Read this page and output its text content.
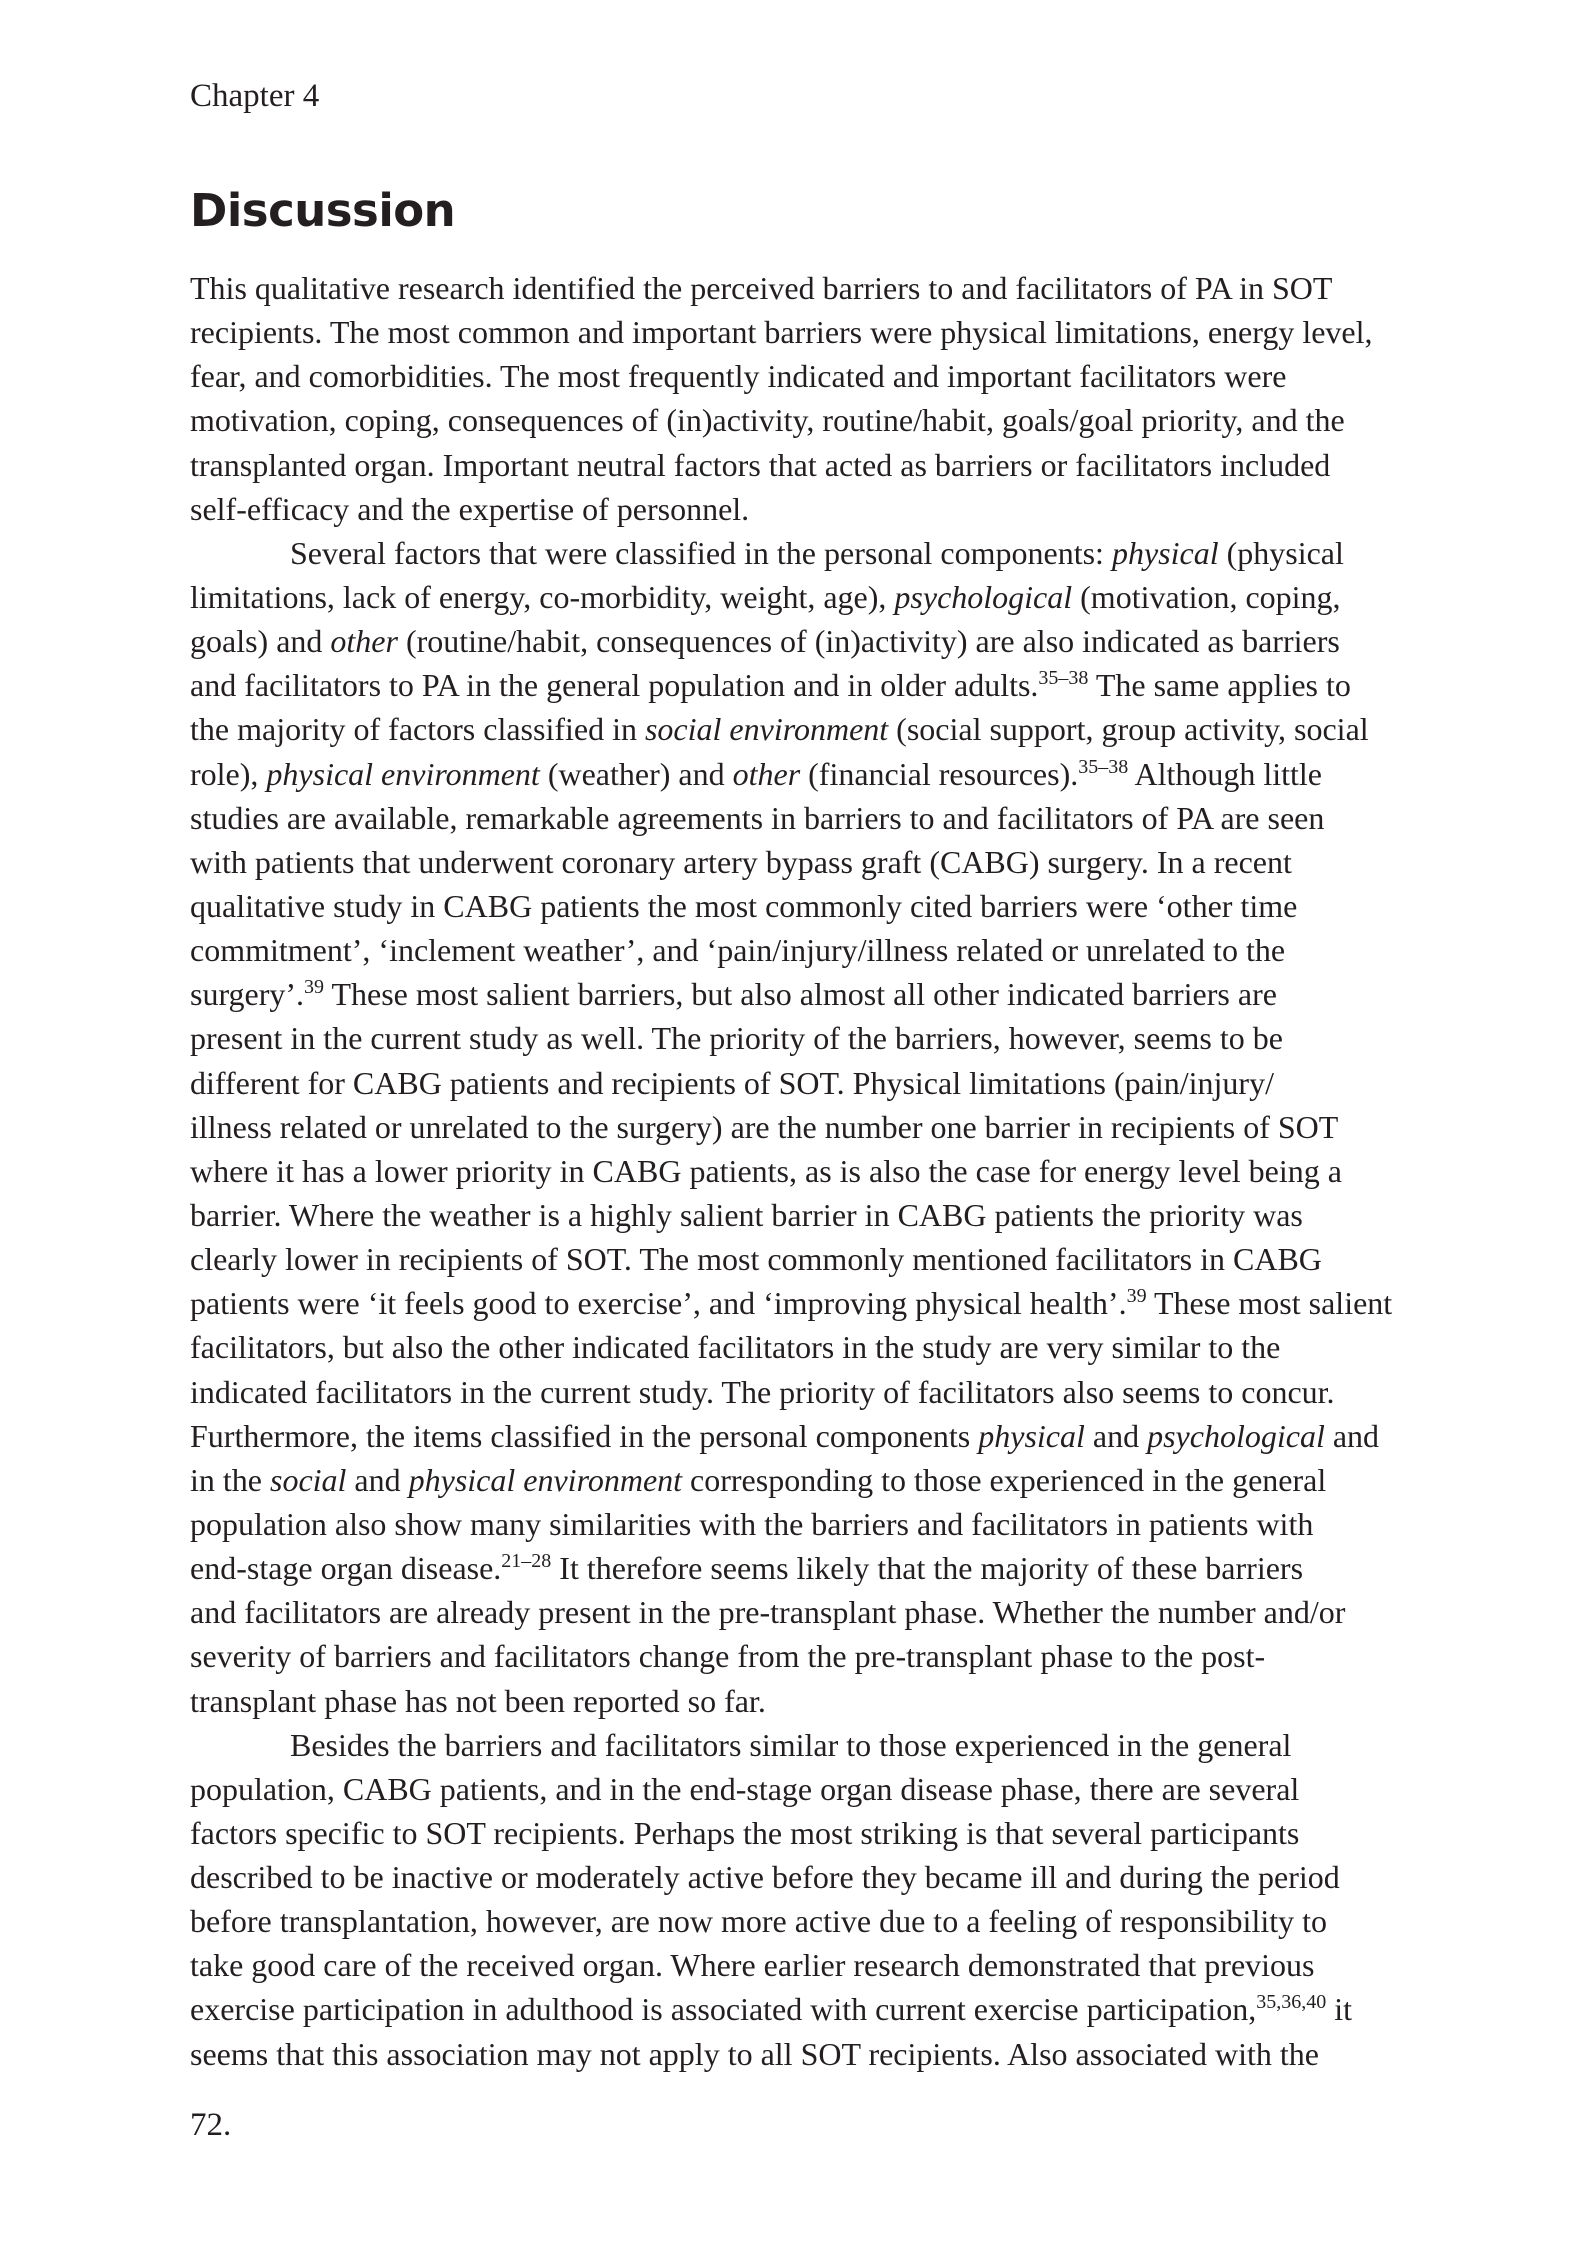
Chapter 4
Discussion
This qualitative research identified the perceived barriers to and facilitators of PA in SOT
recipients. The most common and important barriers were physical limitations, energy level,
fear, and comorbidities. The most frequently indicated and important facilitators were
motivation, coping, consequences of (in)activity, routine/habit, goals/goal priority, and the
transplanted organ. Important neutral factors that acted as barriers or facilitators included
self-efficacy and the expertise of personnel.
Several factors that were classified in the personal components: physical (physical
limitations, lack of energy, co-morbidity, weight, age), psychological (motivation, coping,
goals) and other (routine/habit, consequences of (in)activity) are also indicated as barriers
and facilitators to PA in the general population and in older adults.$^{35-38}$ The same applies to
the majority of factors classified in social environment (social support, group activity, social
role), physical environment (weather) and other (financial resources).$^{35-38}$ Although little
studies are available, remarkable agreements in barriers to and facilitators of PA are seen
with patients that underwent coronary artery bypass graft (CABG) surgery. In a recent
qualitative study in CABG patients the most commonly cited barriers were ‘other time
commitment’, ‘inclement weather’, and ‘pain/injury/illness related or unrelated to the
surgery’.$^{39}$ These most salient barriers, but also almost all other indicated barriers are
present in the current study as well. The priority of the barriers, however, seems to be
different for CABG patients and recipients of SOT. Physical limitations (pain/injury/
illness related or unrelated to the surgery) are the number one barrier in recipients of SOT
where it has a lower priority in CABG patients, as is also the case for energy level being a
barrier. Where the weather is a highly salient barrier in CABG patients the priority was
clearly lower in recipients of SOT. The most commonly mentioned facilitators in CABG
patients were ‘it feels good to exercise’, and ‘improving physical health’.$^{39}$ These most salient
facilitators, but also the other indicated facilitators in the study are very similar to the
indicated facilitators in the current study. The priority of facilitators also seems to concur.
Furthermore, the items classified in the personal components physical and psychological and
in the social and physical environment corresponding to those experienced in the general
population also show many similarities with the barriers and facilitators in patients with
end-stage organ disease.$^{21-28}$ It therefore seems likely that the majority of these barriers
and facilitators are already present in the pre-transplant phase. Whether the number and/or
severity of barriers and facilitators change from the pre-transplant phase to the post-
transplant phase has not been reported so far.
Besides the barriers and facilitators similar to those experienced in the general
population, CABG patients, and in the end-stage organ disease phase, there are several
factors specific to SOT recipients. Perhaps the most striking is that several participants
described to be inactive or moderately active before they became ill and during the period
before transplantation, however, are now more active due to a feeling of responsibility to
take good care of the received organ. Where earlier research demonstrated that previous
exercise participation in adulthood is associated with current exercise participation,$^{35,36,40}$ it
seems that this association may not apply to all SOT recipients. Also associated with the
72.
